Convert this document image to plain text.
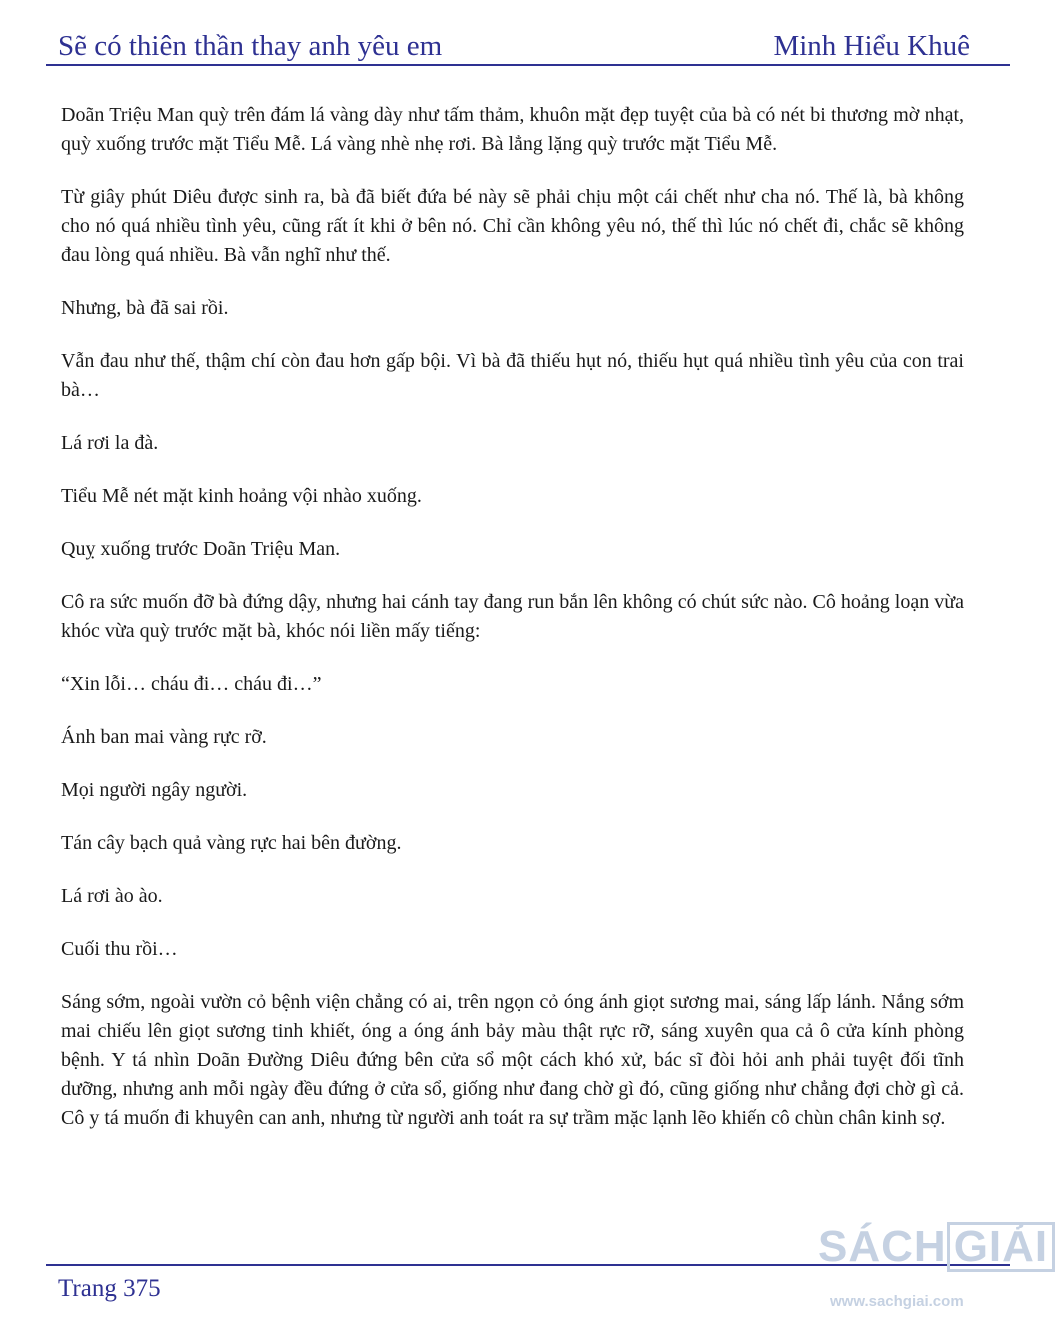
Sẽ có thiên thần thay anh yêu em	Minh Hiểu Khuê

Doãn Triệu Man quỳ trên đám lá vàng dày như tấm thảm, khuôn mặt đẹp tuyệt của bà có nét bi thương mờ nhạt, quỳ xuống trước mặt Tiểu Mễ. Lá vàng nhè nhẹ rơi. Bà lẳng lặng quỳ trước mặt Tiểu Mễ.

Từ giây phút Diêu được sinh ra, bà đã biết đứa bé này sẽ phải chịu một cái chết như cha nó. Thế là, bà không cho nó quá nhiều tình yêu, cũng rất ít khi ở bên nó. Chỉ cần không yêu nó, thế thì lúc nó chết đi, chắc sẽ không đau lòng quá nhiều. Bà vẫn nghĩ như thế.

Nhưng, bà đã sai rồi.

Vẫn đau như thế, thậm chí còn đau hơn gấp bội. Vì bà đã thiếu hụt nó, thiếu hụt quá nhiều tình yêu của con trai bà…

Lá rơi la đà.

Tiểu Mễ nét mặt kinh hoảng vội nhào xuống.

Quỵ xuống trước Doãn Triệu Man.

Cô ra sức muốn đỡ bà đứng dậy, nhưng hai cánh tay đang run bắn lên không có chút sức nào. Cô hoảng loạn vừa khóc vừa quỳ trước mặt bà, khóc nói liền mấy tiếng:

“Xin lỗi… cháu đi… cháu đi…”

Ánh ban mai vàng rực rỡ.

Mọi người ngây người.

Tán cây bạch quả vàng rực hai bên đường.

Lá rơi ào ào.

Cuối thu rồi…

Sáng sớm, ngoài vườn cỏ bệnh viện chẳng có ai, trên ngọn cỏ óng ánh giọt sương mai, sáng lấp lánh. Nắng sớm mai chiếu lên giọt sương tinh khiết, óng a óng ánh bảy màu thật rực rỡ, sáng xuyên qua cả ô cửa kính phòng bệnh. Y tá nhìn Doãn Đường Diêu đứng bên cửa sổ một cách khó xử, bác sĩ đòi hỏi anh phải tuyệt đối tĩnh dưỡng, nhưng anh mỗi ngày đều đứng ở cửa sổ, giống như đang chờ gì đó, cũng giống như chẳng đợi chờ gì cả. Cô y tá muốn đi khuyên can anh, nhưng từ người anh toát ra sự trầm mặc lạnh lẽo khiến cô chùn chân kinh sợ.

Trang 375
SÁCH GIẢI
www.sachgiai.com
